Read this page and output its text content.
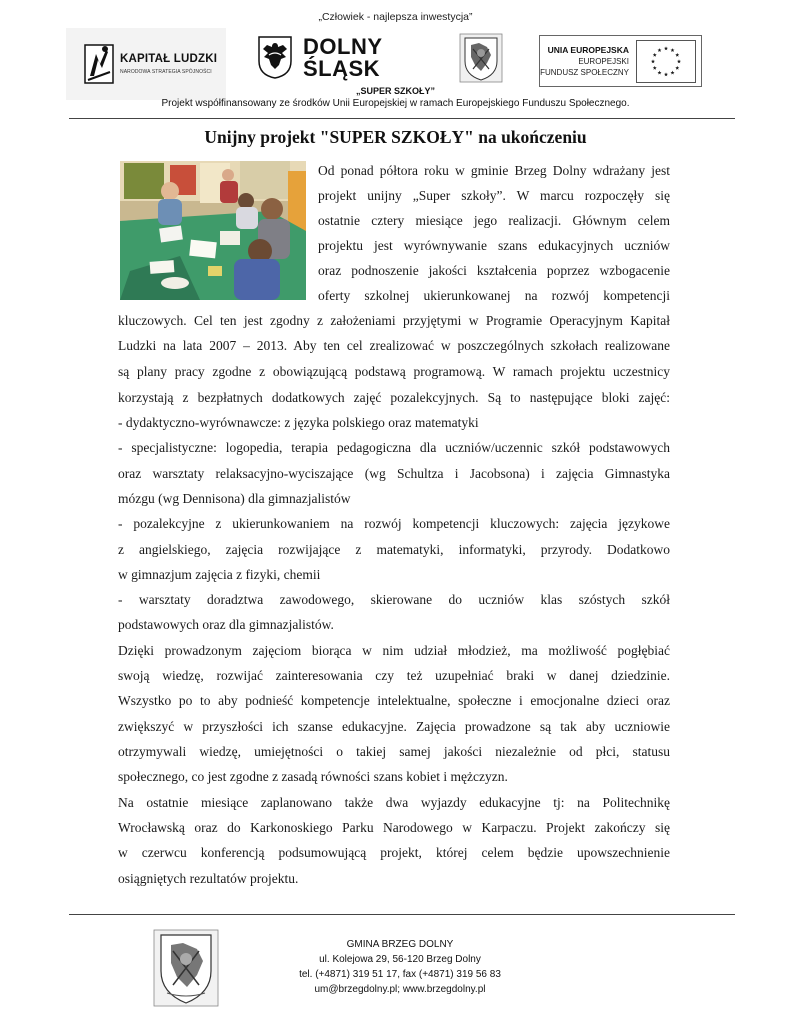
„Człowiek - najlepsza inwestycja”
KAPITAŁ LUDZKI
NARODOWA STRATEGIA SPÓJNOŚCI
DOLNY
ŚLĄSK
UNIA EUROPEJSKA
EUROPEJSKI
FUNDUSZ SPOŁECZNY
„SUPER SZKOŁY”
Projekt współfinansowany ze środków Unii Europejskiej w ramach Europejskiego Funduszu Społecznego.
Unijny projekt "SUPER SZKOŁY" na ukończeniu
Od ponad półtora roku w gminie Brzeg Dolny wdrażany jest
projekt unijny „Super szkoły”. W marcu rozpoczęły się
ostatnie cztery miesiące jego realizacji. Głównym celem
projektu jest wyrównywanie szans edukacyjnych uczniów
oraz podnoszenie jakości kształcenia poprzez wzbogacenie
oferty szkolnej ukierunkowanej na rozwój kompetencji
kluczowych. Cel ten jest zgodny z założeniami przyjętymi w Programie Operacyjnym Kapitał
Ludzki na lata 2007 – 2013. Aby ten cel zrealizować w poszczególnych szkołach realizowane
są plany pracy zgodne z obowiązującą podstawą programową. W ramach projektu uczestnicy
korzystają z bezpłatnych dodatkowych zajęć pozalekcyjnych. Są to następujące bloki zajęć:
- dydaktyczno-wyrównawcze: z języka polskiego oraz matematyki
- specjalistyczne: logopedia, terapia pedagogiczna dla uczniów/uczennic szkół podstawowych
oraz warsztaty relaksacyjno-wyciszające (wg Schultza i Jacobsona) i zajęcia Gimnastyka
mózgu (wg Dennisona) dla gimnazjalistów
- pozalekcyjne z ukierunkowaniem na rozwój kompetencji kluczowych: zajęcia językowe
z angielskiego, zajęcia rozwijające z matematyki, informatyki, przyrody. Dodatkowo
w gimnazjum zajęcia z fizyki, chemii
- warsztaty doradztwa zawodowego, skierowane do uczniów klas szóstych szkół
podstawowych oraz dla gimnazjalistów.
Dzięki prowadzonym zajęciom biorąca w nim udział młodzież, ma możliwość pogłębiać
swoją wiedzę, rozwijać zainteresowania czy też uzupełniać braki w danej dziedzinie.
Wszystko po to aby podnieść kompetencje intelektualne, społeczne i emocjonalne dzieci oraz
zwiększyć w przyszłości ich szanse edukacyjne. Zajęcia prowadzone są tak aby uczniowie
otrzymywali wiedzę, umiejętności o takiej samej jakości niezależnie od płci, statusu
społecznego, co jest zgodne z zasadą równości szans kobiet i mężczyzn.
Na ostatnie miesiące zaplanowano także dwa wyjazdy edukacyjne tj: na Politechnikę
Wrocławską oraz do Karkonoskiego Parku Narodowego w Karpaczu. Projekt zakończy się
w czerwcu konferencją podsumowującą projekt, której celem będzie upowszechnienie
osiągniętych rezultatów projektu.
GMINA BRZEG DOLNY
ul. Kolejowa 29, 56-120 Brzeg Dolny
tel. (+4871) 319 51 17, fax (+4871) 319 56 83
um@brzegdolny.pl; www.brzegdolny.pl
